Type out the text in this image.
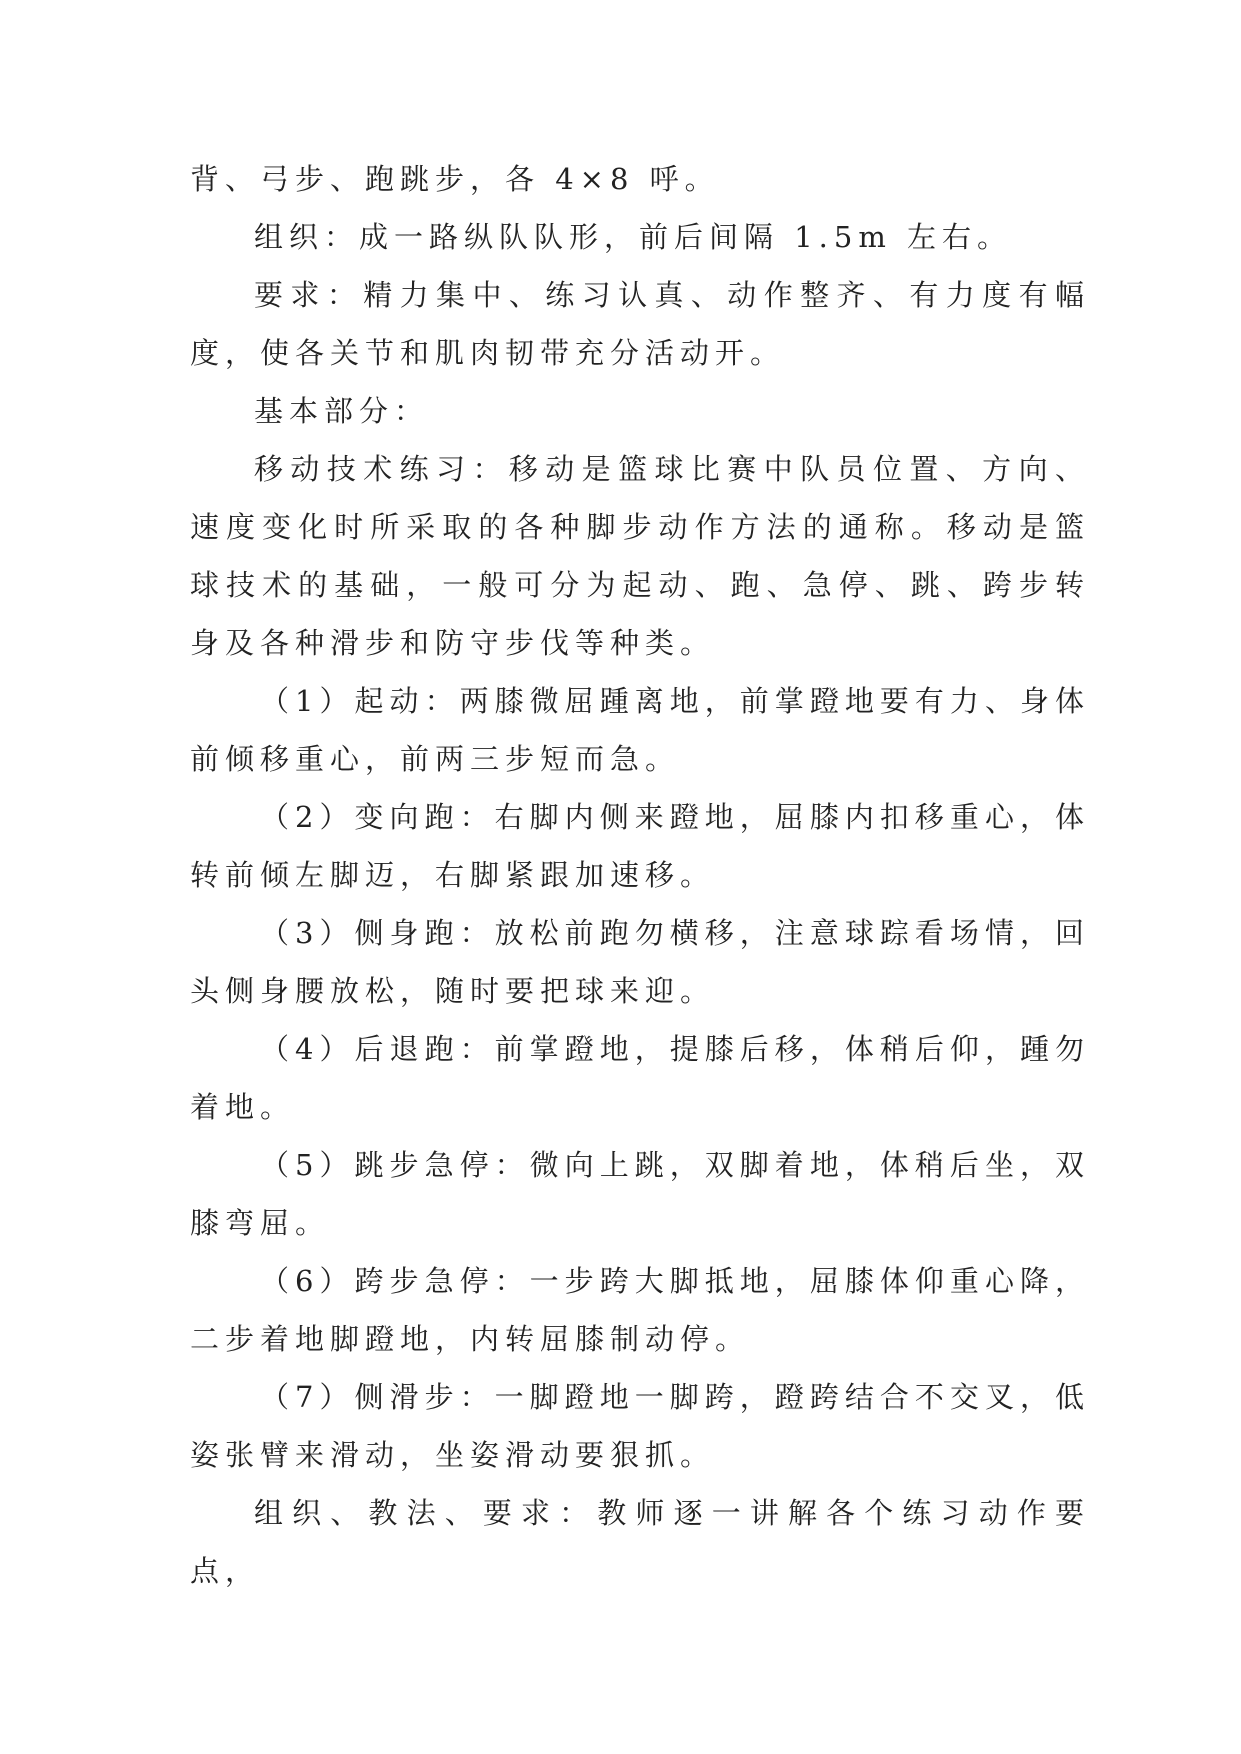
背、弓步、跑跳步，各 4×8 呼。

组织：成一路纵队队形，前后间隔 1.5m 左右。

要求：精力集中、练习认真、动作整齐、有力度有幅度，使各关节和肌肉韧带充分活动开。

基本部分：

移动技术练习：移动是篮球比赛中队员位置、方向、速度变化时所采取的各种脚步动作方法的通称。移动是篮球技术的基础，一般可分为起动、跑、急停、跳、跨步转身及各种滑步和防守步伐等种类。

（1）起动：两膝微屈踵离地，前掌蹬地要有力、身体前倾移重心，前两三步短而急。

（2）变向跑：右脚内侧来蹬地，屈膝内扣移重心，体转前倾左脚迈，右脚紧跟加速移。

（3）侧身跑：放松前跑勿横移，注意球踪看场情，回头侧身腰放松，随时要把球来迎。

（4）后退跑：前掌蹬地，提膝后移，体稍后仰，踵勿着地。

（5）跳步急停：微向上跳，双脚着地，体稍后坐，双膝弯屈。

（6）跨步急停：一步跨大脚抵地，屈膝体仰重心降，二步着地脚蹬地，内转屈膝制动停。

（7）侧滑步：一脚蹬地一脚跨，蹬跨结合不交叉，低姿张臂来滑动，坐姿滑动要狠抓。

组织、教法、要求：教师逐一讲解各个练习动作要点，
